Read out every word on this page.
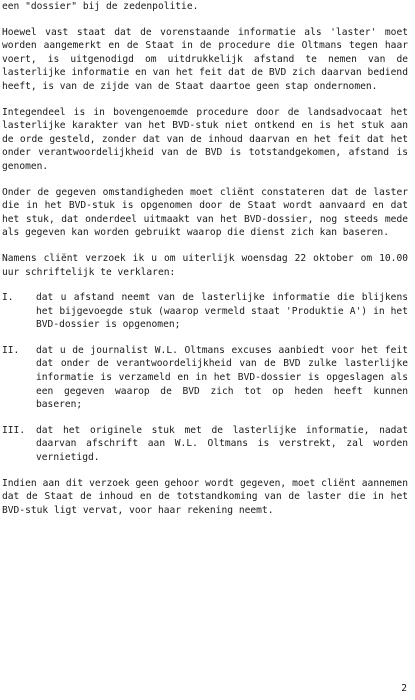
een "dossier" bij de zedenpolitie.

Hoewel vast staat dat de vorenstaande informatie als 'laster' moet worden aangemerkt en de Staat in de procedure die Oltmans tegen haar voert, is uitgenodigd om uitdrukkelijk afstand te nemen van de lasterlijke informatie en van het feit dat de BVD zich daarvan bediend heeft, is van de zijde van de Staat daartoe geen stap ondernomen.

Integendeel is in bovengenoemde procedure door de landsadvocaat het lasterlijke karakter van het BVD-stuk niet ontkend en is het stuk aan de orde gesteld, zonder dat van de inhoud daarvan en het feit dat het onder verantwoordelijkheid van de BVD is totstandgekomen, afstand is genomen.

Onder de gegeven omstandigheden moet cliënt constateren dat de laster die in het BVD-stuk is opgenomen door de Staat wordt aanvaard en dat het stuk, dat onderdeel uitmaakt van het BVD-dossier, nog steeds mede als gegeven kan worden gebruikt waarop die dienst zich kan baseren.

Namens cliënt verzoek ik u om uiterlijk woensdag 22 oktober om 10.00 uur schriftelijk te verklaren:

I.	dat u afstand neemt van de lasterlijke informatie die blijkens het bijgevoegde stuk (waarop vermeld staat 'Produktie A') in het BVD-dossier is opgenomen;
II.	dat u de journalist W.L. Oltmans excuses aanbiedt voor het feit dat onder de verantwoordelijkheid van de BVD zulke lasterlijke informatie is verzameld en in het BVD-dossier is opgeslagen als een gegeven waarop de BVD zich tot op heden heeft kunnen baseren;
III.	dat het originele stuk met de lasterlijke informatie, nadat daarvan afschrift aan W.L. Oltmans is verstrekt, zal worden vernietigd.

Indien aan dit verzoek geen gehoor wordt gegeven, moet cliënt aannemen dat de Staat de inhoud en de totstandkoming van de laster die in het BVD-stuk ligt vervat, voor haar rekening neemt.

2
